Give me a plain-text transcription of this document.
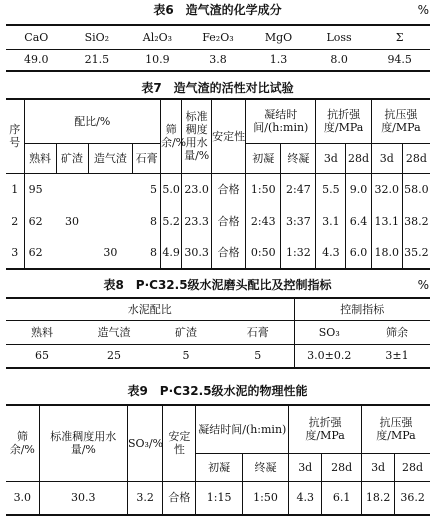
表6　造气渣的化学成分	%
CaO	SiO₂	Al₂O₃	Fe₂O₃	MgO	Loss	Σ
49.0	21.5	10.9	3.8	1.3	8.0	94.5
表7　造气渣的活性对比试验
序号	配比/%				筛余/%	标准稠度用水量/%	安定性	凝结时间/(h:min)		抗折强度/MPa		抗压强度/MPa	
	熟料	矿渣	造气渣	石膏				初凝	终凝	3d	28d	3d	28d
1	95			5	5.0	23.0	合格	1:50	2:47	5.5	9.0	32.0	58.0
2	62	30		8	5.2	23.3	合格	2:43	3:37	3.1	6.4	13.1	38.2
3	62		30	8	4.9	30.3	合格	0:50	1:32	4.3	6.0	18.0	35.2
表8　P·C32.5级水泥磨头配比及控制指标	%
水泥配比				控制指标	
熟料	造气渣	矿渣	石膏	SO₃	筛余
65	25	5	5	3.0±0.2	3±1
表9　P·C32.5级水泥的物理性能
筛余/%	标准稠度用水量/%	SO₃/%	安定性	凝结时间/(h:min)		抗折强度/MPa		抗压强度/MPa	
				初凝	终凝	3d	28d	3d	28d
3.0	30.3	3.2	合格	1:15	1:50	4.3	6.1	18.2	36.2
